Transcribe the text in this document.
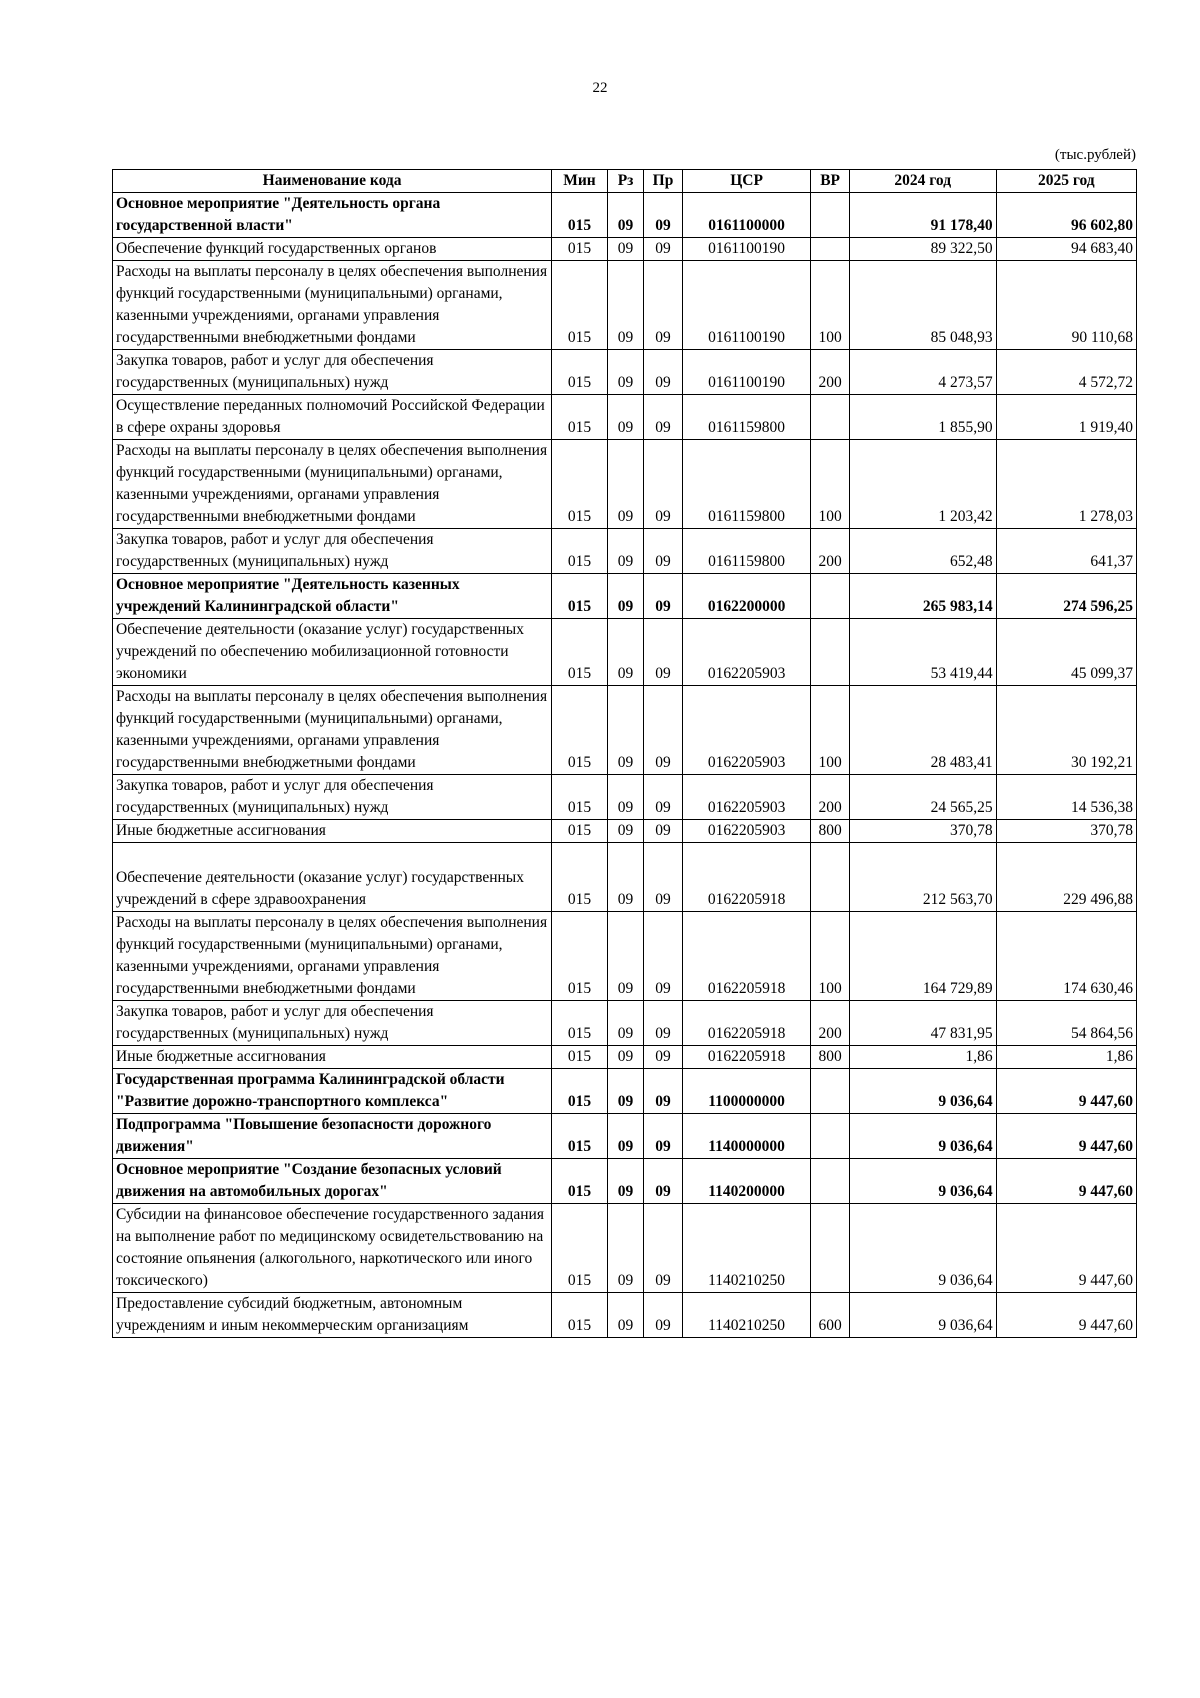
22
(тыс.рублей)
Наименование кода	Мин	Рз	Пр	ЦСР	ВР	2024 год	2025 год
Основное мероприятие "Деятельность органа государственной власти"	015	09	09	0161100000		91 178,40	96 602,80
Обеспечение функций государственных органов	015	09	09	0161100190		89 322,50	94 683,40
Расходы на выплаты персоналу в целях обеспечения выполнения функций государственными (муниципальными) органами, казенными учреждениями, органами управления государственными внебюджетными фондами	015	09	09	0161100190	100	85 048,93	90 110,68
Закупка товаров, работ и услуг для обеспечения государственных (муниципальных) нужд	015	09	09	0161100190	200	4 273,57	4 572,72
Осуществление переданных полномочий Российской Федерации в сфере охраны здоровья	015	09	09	0161159800		1 855,90	1 919,40
Расходы на выплаты персоналу в целях обеспечения выполнения функций государственными (муниципальными) органами, казенными учреждениями, органами управления государственными внебюджетными фондами	015	09	09	0161159800	100	1 203,42	1 278,03
Закупка товаров, работ и услуг для обеспечения государственных (муниципальных) нужд	015	09	09	0161159800	200	652,48	641,37
Основное мероприятие "Деятельность казенных учреждений Калининградской области"	015	09	09	0162200000		265 983,14	274 596,25
Обеспечение деятельности (оказание услуг) государственных учреждений по обеспечению мобилизационной готовности экономики	015	09	09	0162205903		53 419,44	45 099,37
Расходы на выплаты персоналу в целях обеспечения выполнения функций государственными (муниципальными) органами, казенными учреждениями, органами управления государственными внебюджетными фондами	015	09	09	0162205903	100	28 483,41	30 192,21
Закупка товаров, работ и услуг для обеспечения государственных (муниципальных) нужд	015	09	09	0162205903	200	24 565,25	14 536,38
Иные бюджетные ассигнования	015	09	09	0162205903	800	370,78	370,78
Обеспечение деятельности (оказание услуг) государственных учреждений в сфере здравоохранения	015	09	09	0162205918		212 563,70	229 496,88
Расходы на выплаты персоналу в целях обеспечения выполнения функций государственными (муниципальными) органами, казенными учреждениями, органами управления государственными внебюджетными фондами	015	09	09	0162205918	100	164 729,89	174 630,46
Закупка товаров, работ и услуг для обеспечения государственных (муниципальных) нужд	015	09	09	0162205918	200	47 831,95	54 864,56
Иные бюджетные ассигнования	015	09	09	0162205918	800	1,86	1,86
Государственная программа Калининградской области "Развитие дорожно-транспортного комплекса"	015	09	09	1100000000		9 036,64	9 447,60
Подпрограмма "Повышение безопасности дорожного движения"	015	09	09	1140000000		9 036,64	9 447,60
Основное мероприятие "Создание безопасных условий движения на автомобильных дорогах"	015	09	09	1140200000		9 036,64	9 447,60
Субсидии на финансовое обеспечение государственного задания на выполнение работ по медицинскому освидетельствованию на состояние опьянения (алкогольного, наркотического или иного токсического)	015	09	09	1140210250		9 036,64	9 447,60
Предоставление субсидий бюджетным, автономным учреждениям и иным некоммерческим организациям	015	09	09	1140210250	600	9 036,64	9 447,60
